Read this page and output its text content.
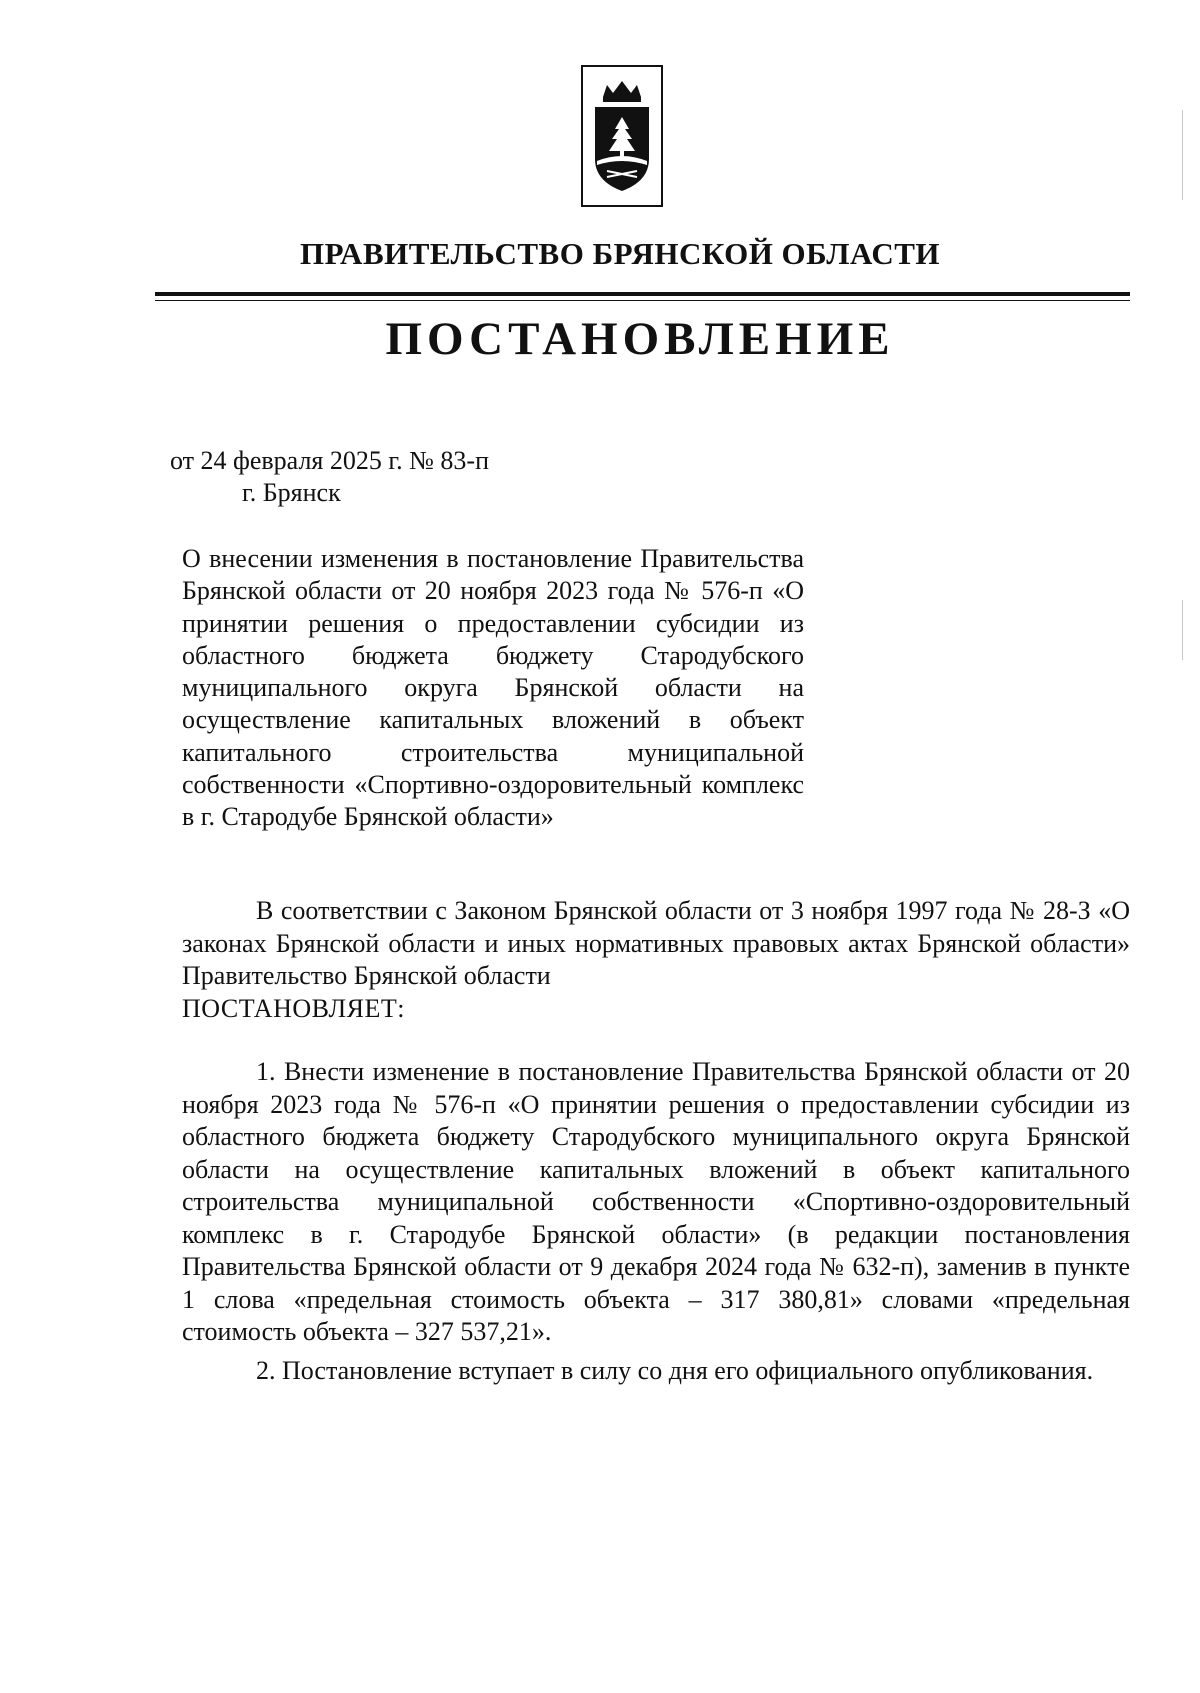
ПРАВИТЕЛЬСТВО БРЯНСКОЙ ОБЛАСТИ
ПОСТАНОВЛЕНИЕ
от 24 февраля 2025 г. № 83-п
г. Брянск

О внесении изменения в постановление Правительства Брянской области от 20 ноября 2023 года № 576-п «О принятии решения о предоставлении субсидии из областного бюджета бюджету Стародубского муниципального округа Брянской области на осуществление капитальных вложений в объект капитального строительства муниципальной собственности «Спортивно-оздоровительный комплекс в г. Стародубе Брянской области»

В соответствии с Законом Брянской области от 3 ноября 1997 года № 28-З «О законах Брянской области и иных нормативных правовых актах Брянской области» Правительство Брянской области
ПОСТАНОВЛЯЕТ:

1. Внести изменение в постановление Правительства Брянской области от 20 ноября 2023 года № 576-п «О принятии решения о предоставлении субсидии из областного бюджета бюджету Стародубского муниципального округа Брянской области на осуществление капитальных вложений в объект капитального строительства муниципальной собственности «Спортивно-оздоровительный комплекс в г. Стародубе Брянской области» (в редакции постановления Правительства Брянской области от 9 декабря 2024 года № 632-п), заменив в пункте 1 слова «предельная стоимость объекта – 317 380,81» словами «предельная стоимость объекта – 327 537,21».

2. Постановление вступает в силу со дня его официального опубликования.
